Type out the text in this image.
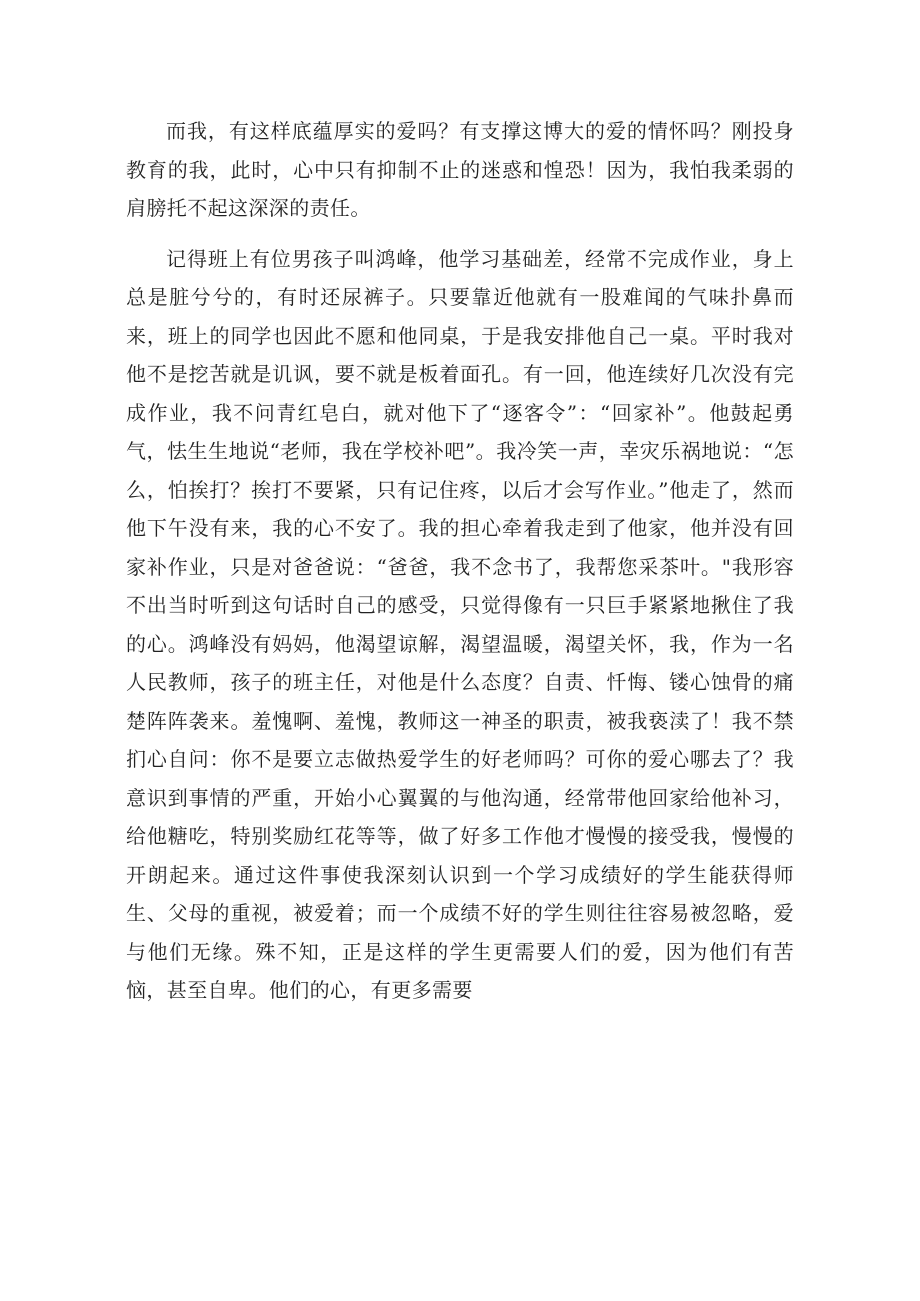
而我，有这样底蕴厚实的爱吗？有支撑这博大的爱的情怀吗？刚投身教育的我，此时，心中只有抑制不止的迷惑和惶恐！因为，我怕我柔弱的肩膀托不起这深深的责任。

记得班上有位男孩子叫鸿峰，他学习基础差，经常不完成作业，身上总是脏兮兮的，有时还尿裤子。只要靠近他就有一股难闻的气味扑鼻而来，班上的同学也因此不愿和他同桌，于是我安排他自己一桌。平时我对他不是挖苦就是讥讽，要不就是板着面孔。有一回，他连续好几次没有完成作业，我不问青红皂白，就对他下了“逐客令”：“回家补”。他鼓起勇气，怯生生地说“老师，我在学校补吧”。我冷笑一声，幸灾乐祸地说：“怎么，怕挨打？挨打不要紧，只有记住疼，以后才会写作业。”他走了，然而他下午没有来，我的心不安了。我的担心牵着我走到了他家，他并没有回家补作业，只是对爸爸说：“爸爸，我不念书了，我帮您采茶叶。"我形容不出当时听到这句话时自己的感受，只觉得像有一只巨手紧紧地揪住了我的心。鸿峰没有妈妈，他渴望谅解，渴望温暖，渴望关怀，我，作为一名人民教师，孩子的班主任，对他是什么态度？自责、忏悔、镂心蚀骨的痛楚阵阵袭来。羞愧啊、羞愧，教师这一神圣的职责，被我亵渎了！我不禁扪心自问：你不是要立志做热爱学生的好老师吗？可你的爱心哪去了？我意识到事情的严重，开始小心翼翼的与他沟通，经常带他回家给他补习，给他糖吃，特别奖励红花等等，做了好多工作他才慢慢的接受我，慢慢的开朗起来。通过这件事使我深刻认识到一个学习成绩好的学生能获得师生、父母的重视，被爱着；而一个成绩不好的学生则往往容易被忽略，爱与他们无缘。殊不知，正是这样的学生更需要人们的爱，因为他们有苦恼，甚至自卑。他们的心，有更多需要
